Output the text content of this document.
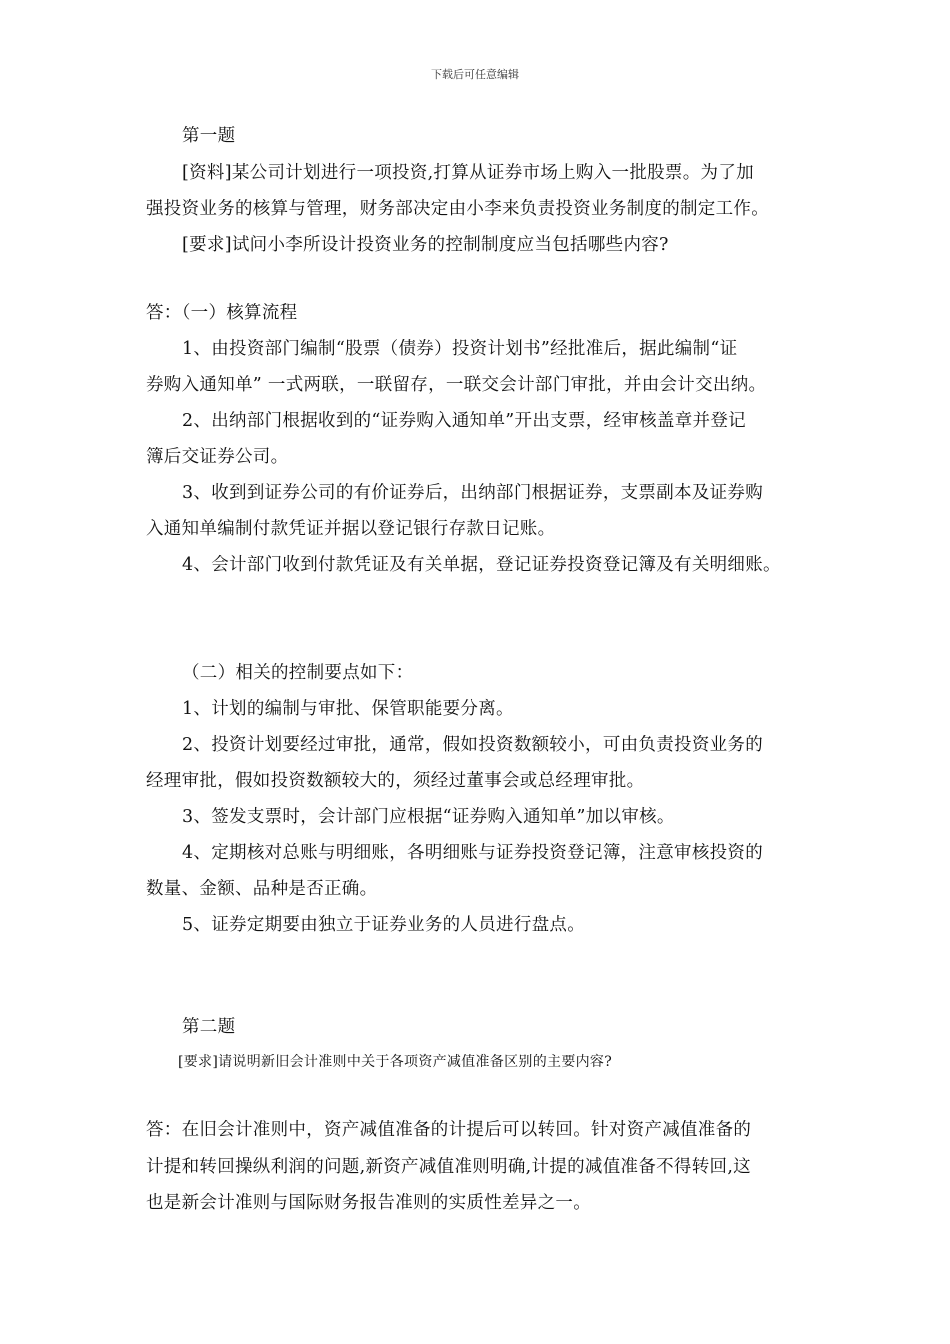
下载后可任意编辑
第一题
[资料]某公司计划进行一项投资,打算从证券市场上购入一批股票。为了加
强投资业务的核算与管理，财务部决定由小李来负责投资业务制度的制定工作。
[要求]试问小李所设计投资业务的控制制度应当包括哪些内容?
答：（一）核算流程
1、由投资部门编制“股票（债券）投资计划书”经批准后，据此编制“证
券购入通知单” 一式两联，一联留存，一联交会计部门审批，并由会计交出纳。
2、出纳部门根据收到的“证券购入通知单”开出支票，经审核盖章并登记
簿后交证券公司。
3、收到到证券公司的有价证券后，出纳部门根据证券，支票副本及证券购
入通知单编制付款凭证并据以登记银行存款日记账。
4、会计部门收到付款凭证及有关单据，登记证券投资登记簿及有关明细账。
（二）相关的控制要点如下：
1、计划的编制与审批、保管职能要分离。
2、投资计划要经过审批，通常，假如投资数额较小，可由负责投资业务的
经理审批，假如投资数额较大的，须经过董事会或总经理审批。
3、签发支票时，会计部门应根据“证券购入通知单”加以审核。
4、定期核对总账与明细账，各明细账与证券投资登记簿，注意审核投资的
数量、金额、品种是否正确。
5、证券定期要由独立于证券业务的人员进行盘点。
第二题
[要求]请说明新旧会计准则中关于各项资产减值准备区别的主要内容?
答：在旧会计准则中，资产减值准备的计提后可以转回。针对资产减值准备的
计提和转回操纵利润的问题,新资产减值准则明确,计提的减值准备不得转回,这
也是新会计准则与国际财务报告准则的实质性差异之一。
